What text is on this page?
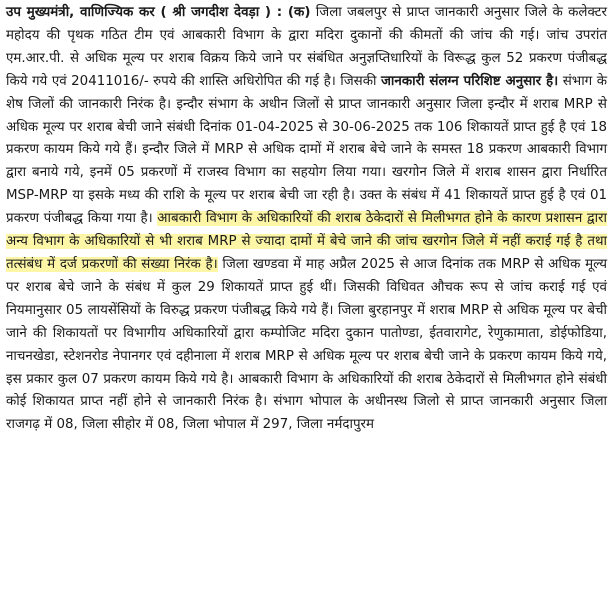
उप मुख्यमंत्री, वाणिज्यिक कर ( श्री जगदीश देवड़ा ) : (क) जिला जबलपुर से प्राप्त जानकारी अनुसार जिले के कलेक्टर महोदय की पृथक गठित टीम एवं आबकारी विभाग के द्वारा मदिरा दुकानों की कीमतों की जांच की गई। जांच उपरांत एम.आर.पी. से अधिक मूल्य पर शराब विक्रय किये जाने पर संबंधित अनुज्ञप्तिधारियों के विरूद्ध कुल 52 प्रकरण पंजीबद्ध किये गये एवं 20411016/- रुपये की शास्ति अधिरोपित की गई है। जिसकी जानकारी संलग्न परिशिष्ट अनुसार है। संभाग के शेष जिलों की जानकारी निरंक है। इन्दौर संभाग के अधीन जिलों से प्राप्त जानकारी अनुसार जिला इन्दौर में शराब MRP से अधिक मूल्य पर शराब बेची जाने संबंधी दिनांक 01-04-2025 से 30-06-2025 तक 106 शिकायतें प्राप्त हुई है एवं 18 प्रकरण कायम किये गये हैं। इन्दौर जिले में MRP से अधिक दामों में शराब बेचे जाने के समस्त 18 प्रकरण आबकारी विभाग द्वारा बनाये गये, इनमें 05 प्रकरणों में राजस्व विभाग का सहयोग लिया गया। खरगोन जिले में शराब शासन द्वारा निर्धारित MSP-MRP या इसके मध्य की राशि के मूल्य पर शराब बेची जा रही है। उक्त के संबंध में 41 शिकायतें प्राप्त हुई है एवं 01 प्रकरण पंजीबद्ध किया गया है। आबकारी विभाग के अधिकारियों की शराब ठेकेदारों से मिलीभगत होने के कारण प्रशासन द्वारा अन्य विभाग के अधिकारियों से भी शराब MRP से ज्यादा दामों में बेचे जाने की जांच खरगोन जिले में नहीं कराई गई है तथा तत्संबंध में दर्ज प्रकरणों की संख्या निरंक है। जिला खण्डवा में माह अप्रैल 2025 से आज दिनांक तक MRP से अधिक मूल्य पर शराब बेचे जाने के संबंध में कुल 29 शिकायतें प्राप्त हुई थीं। जिसकी विधिवत औचक रूप से जांच कराई गई एवं नियमानुसार 05 लायसेंसियों के विरुद्ध प्रकरण पंजीबद्ध किये गये हैं। जिला बुरहानपुर में शराब MRP से अधिक मूल्य पर बेची जाने की शिकायतों पर विभागीय अधिकारियों द्वारा कम्पोजिट मदिरा दुकान पातोण्डा, ईतवारागेट, रेणुकामाता, डोईफोडिया, नाचनखेडा, स्टेशनरोड नेपानगर एवं दहीनाला में शराब MRP से अधिक मूल्य पर शराब बेची जाने के प्रकरण कायम किये गये, इस प्रकार कुल 07 प्रकरण कायम किये गये है। आबकारी विभाग के अधिकारियों की शराब ठेकेदारों से मिलीभगत होने संबंधी कोई शिकायत प्राप्त नहीं होने से जानकारी निरंक है। संभाग भोपाल के अधीनस्थ जिलो से प्राप्त जानकारी अनुसार जिला राजगढ़ में 08, जिला सीहोर में 08, जिला भोपाल में 297, जिला नर्मदापुरम
